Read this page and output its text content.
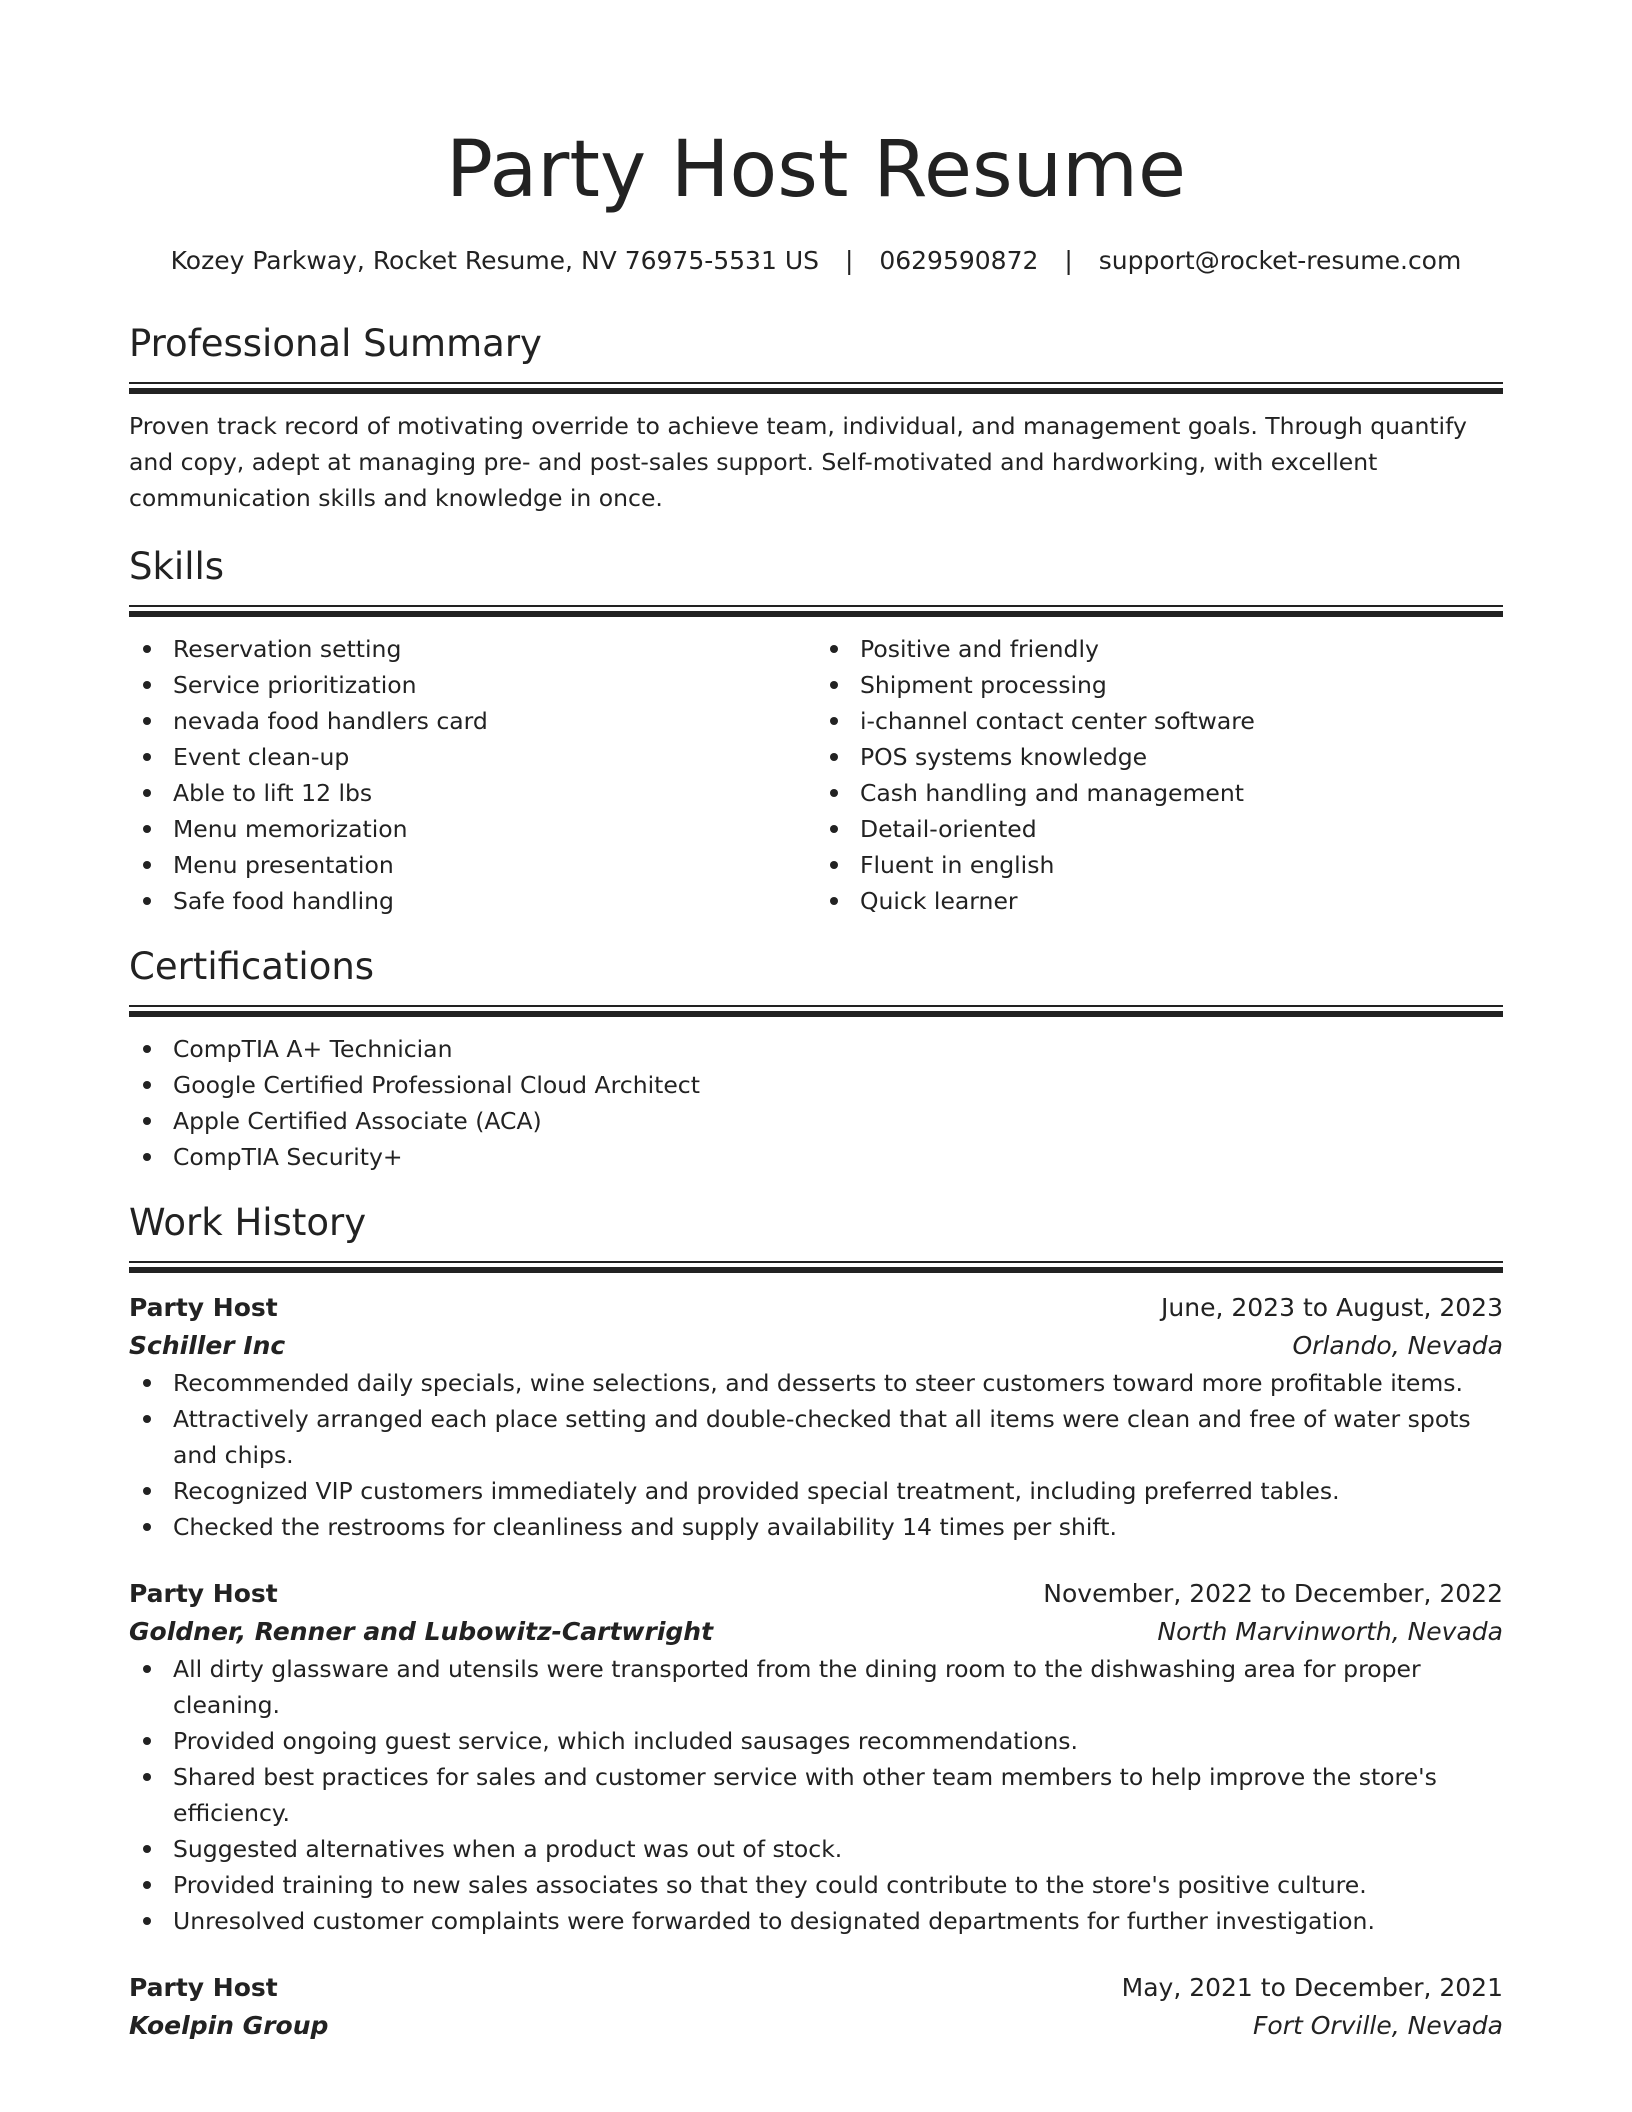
Party Host Resume
Kozey Parkway, Rocket Resume, NV 76975-5531 US | 0629590872 | support@rocket-resume.com
Professional Summary

Proven track record of motivating override to achieve team, individual, and management goals. Through quantify and copy, adept at managing pre- and post-sales support. Self-motivated and hardworking, with excellent communication skills and knowledge in once.

Skills
Reservation setting
Service prioritization
nevada food handlers card
Event clean-up
Able to lift 12 lbs
Menu memorization
Menu presentation
Safe food handling
Positive and friendly
Shipment processing
i-channel contact center software
POS systems knowledge
Cash handling and management
Detail-oriented
Fluent in english
Quick learner
Certifications
CompTIA A+ Technician
Google Certified Professional Cloud Architect
Apple Certified Associate (ACA)
CompTIA Security+
Work History
Party Host	June, 2023 to August, 2023
Schiller Inc	Orlando, Nevada
Recommended daily specials, wine selections, and desserts to steer customers toward more profitable items.
Attractively arranged each place setting and double-checked that all items were clean and free of water spots and chips.
Recognized VIP customers immediately and provided special treatment, including preferred tables.
Checked the restrooms for cleanliness and supply availability 14 times per shift.
Party Host	November, 2022 to December, 2022
Goldner, Renner and Lubowitz-Cartwright	North Marvinworth, Nevada
All dirty glassware and utensils were transported from the dining room to the dishwashing area for proper cleaning.
Provided ongoing guest service, which included sausages recommendations.
Shared best practices for sales and customer service with other team members to help improve the store's efficiency.
Suggested alternatives when a product was out of stock.
Provided training to new sales associates so that they could contribute to the store's positive culture.
Unresolved customer complaints were forwarded to designated departments for further investigation.
Party Host	May, 2021 to December, 2021
Koelpin Group	Fort Orville, Nevada
